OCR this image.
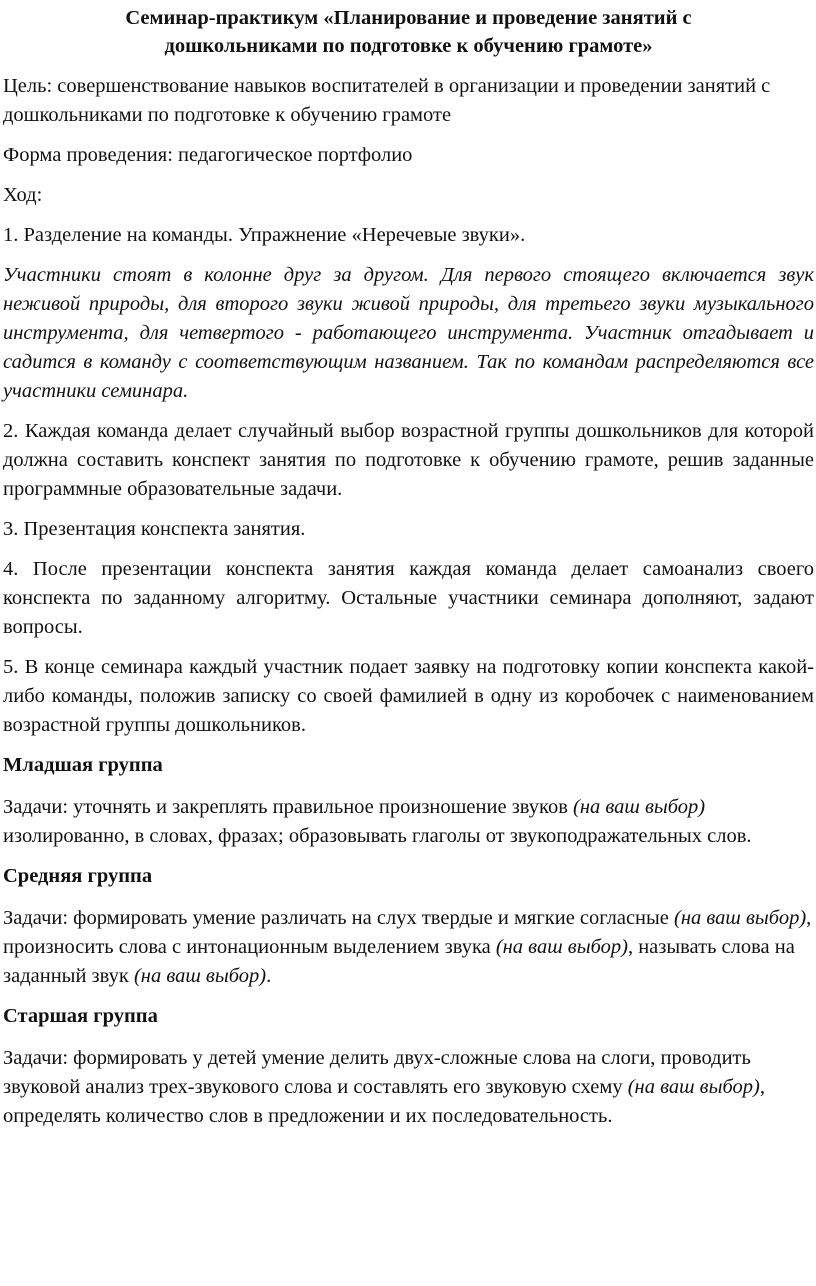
Семинар-практикум «Планирование и проведение занятий с
дошкольниками по подготовке к обучению грамоте»

Цель: совершенствование навыков воспитателей в организации и проведении занятий с дошкольниками по подготовке к обучению грамоте

Форма проведения: педагогическое портфолио

Ход:

1. Разделение на команды. Упражнение «Неречевые звуки».

Участники стоят в колонне друг за другом. Для первого стоящего включается звук неживой природы, для второго звуки живой природы, для третьего звуки музыкального инструмента, для четвертого - работающего инструмента. Участник отгадывает и садится в команду с соответствующим названием. Так по командам распределяются все участники семинара.

2. Каждая команда делает случайный выбор возрастной группы дошкольников для которой должна составить конспект занятия по подготовке к обучению грамоте, решив заданные программные образовательные задачи.

3. Презентация конспекта занятия.

4. После презентации конспекта занятия каждая команда делает самоанализ своего конспекта по заданному алгоритму. Остальные участники семинара дополняют, задают вопросы.

5. В конце семинара каждый участник подает заявку на подготовку копии конспекта какой-либо команды, положив записку со своей фамилией в одну из коробочек с наименованием возрастной группы дошкольников.

Младшая группа

Задачи: уточнять и закреплять правильное произношение звуков (на ваш выбор) изолированно, в словах, фразах; образовывать глаголы от звукоподражательных слов.

Средняя группа

Задачи: формировать умение различать на слух твердые и мягкие согласные (на ваш выбор), произносить слова с интонационным выделением звука (на ваш выбор), называть слова на заданный звук (на ваш выбор).

Старшая группа

Задачи: формировать у детей умение делить двух-сложные слова на слоги, проводить звуковой анализ трех-звукового слова и составлять его звуковую схему (на ваш выбор), определять количество слов в предложении и их последовательность.
